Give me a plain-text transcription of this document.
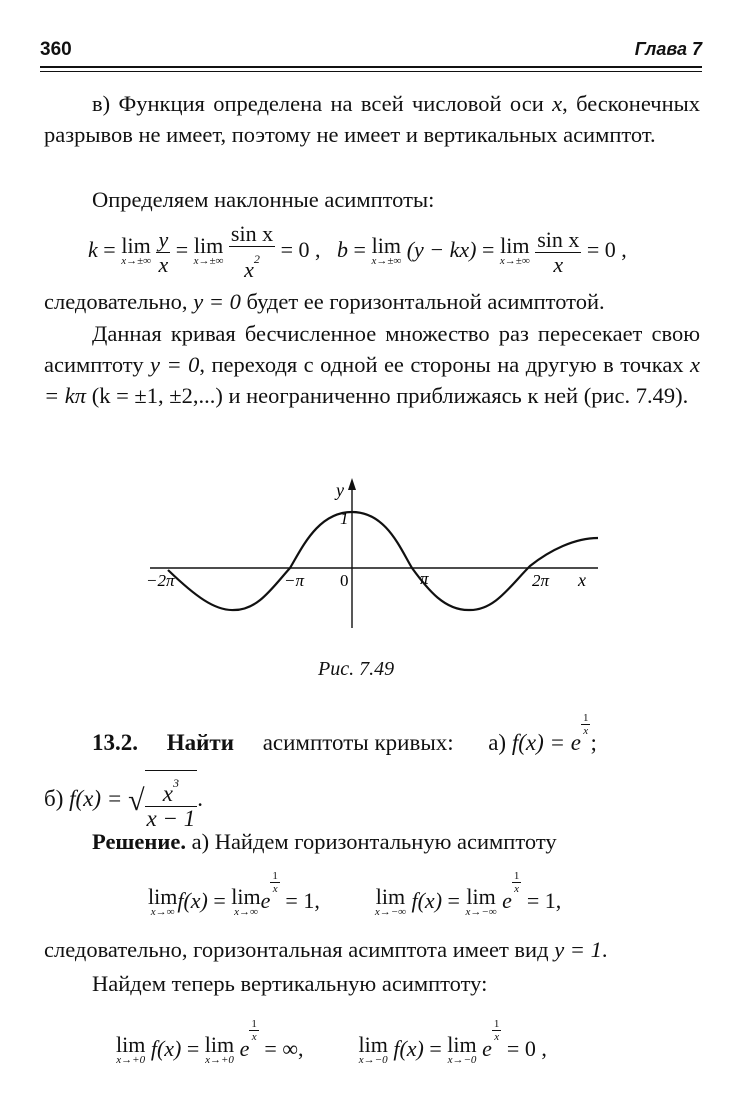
360	Глава 7
в) Функция определена на всей числовой оси x, бесконечных разрывов не имеет, поэтому не имеет и вертикальных асимптот.
Определяем наклонные асимптоты:
k = lim
x→±∞
$\frac{y}{x} = \lim$
x→±∞
$\frac{\text{sin x}}{x^2} = 0$ , b = lim
x→±∞ (y − kx) = lim
x→±∞
$\frac{\text{sin x}}{x} = 0$ ,
следовательно, y = 0 будет ее горизонтальной асимптотой.
Данная кривая бесчисленное множество раз пересекает свою асимптоту y = 0, переходя с одной ее стороны на другую в точках x = kπ (k = ±1, ±2,...) и неограниченно приближаясь к ней (рис. 7.49).
y
1
0
−2π	−π	π	2π x
Рис. 7.49
13.2. Найти асимптоты кривых: а) f(x) = e
$\frac{1}{x}$
;
б) f(x) = √ $\frac{x^3}{x - 1}$ .
Решение. а) Найдем горизонтальную асимптоту
lim
x→∞ f(x) = lim
x→∞ e
$\frac{1}{x}$
= 1,	lim
x→−∞ f(x) = lim
x→−∞ e
$\frac{1}{x}$
= 1,
следовательно, горизонтальная асимптота имеет вид y = 1.
Найдем теперь вертикальную асимптоту:
lim
x→+0 f(x) = lim
x→+0 e
$\frac{1}{x}$
= ∞,	lim
x→−0 f(x) = lim
x→−0 e
$\frac{1}{x}$
= 0 ,
